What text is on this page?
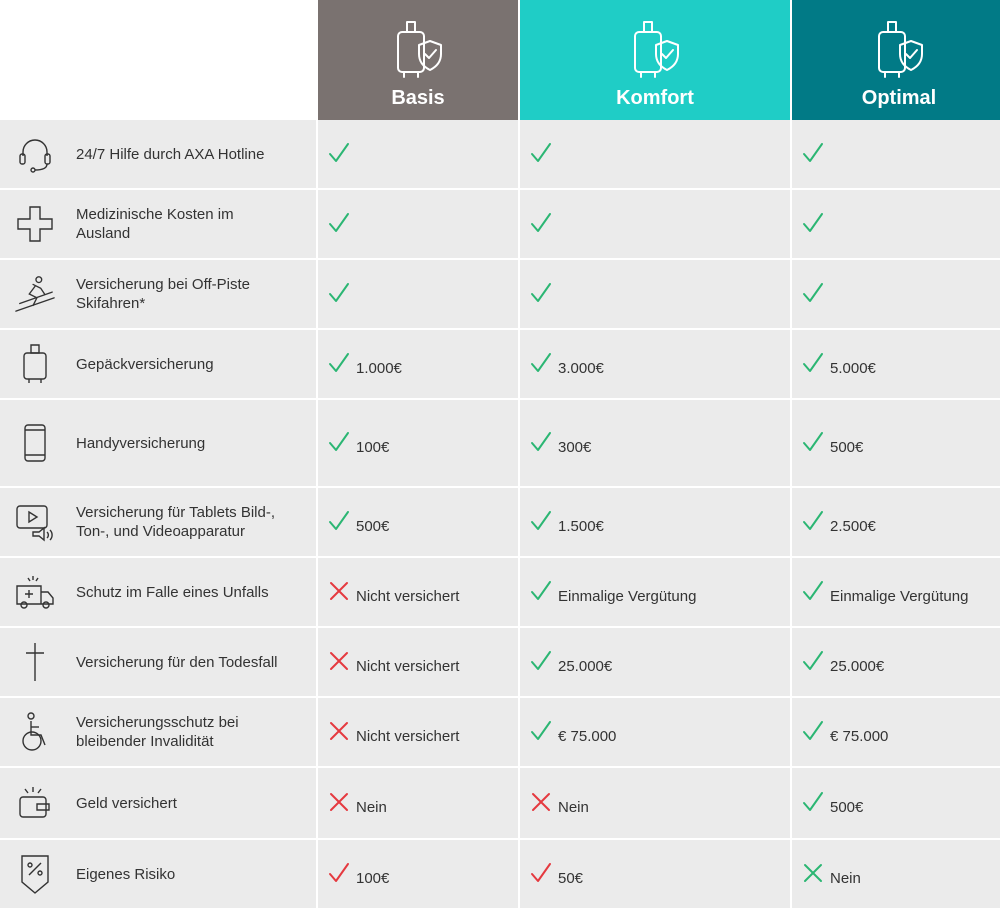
Basis	Komfort	Optimal
24/7 Hilfe durch AXA Hotline
Medizinische Kosten im Ausland
Versicherung bei Off-Piste Skifahren*
Gepäckversicherung	1.000€	3.000€	5.000€
Handyversicherung	100€	300€	500€
Versicherung für Tablets Bild-, Ton-, und Videoapparatur	500€	1.500€	2.500€
Schutz im Falle eines Unfalls	Nicht versichert	Einmalige Vergütung	Einmalige Vergütung
Versicherung für den Todesfall	Nicht versichert	25.000€	25.000€
Versicherungsschutz bei bleibender Invalidität	Nicht versichert	€ 75.000	€ 75.000
Geld versichert	Nein	Nein	500€
Eigenes Risiko	100€	50€	Nein
